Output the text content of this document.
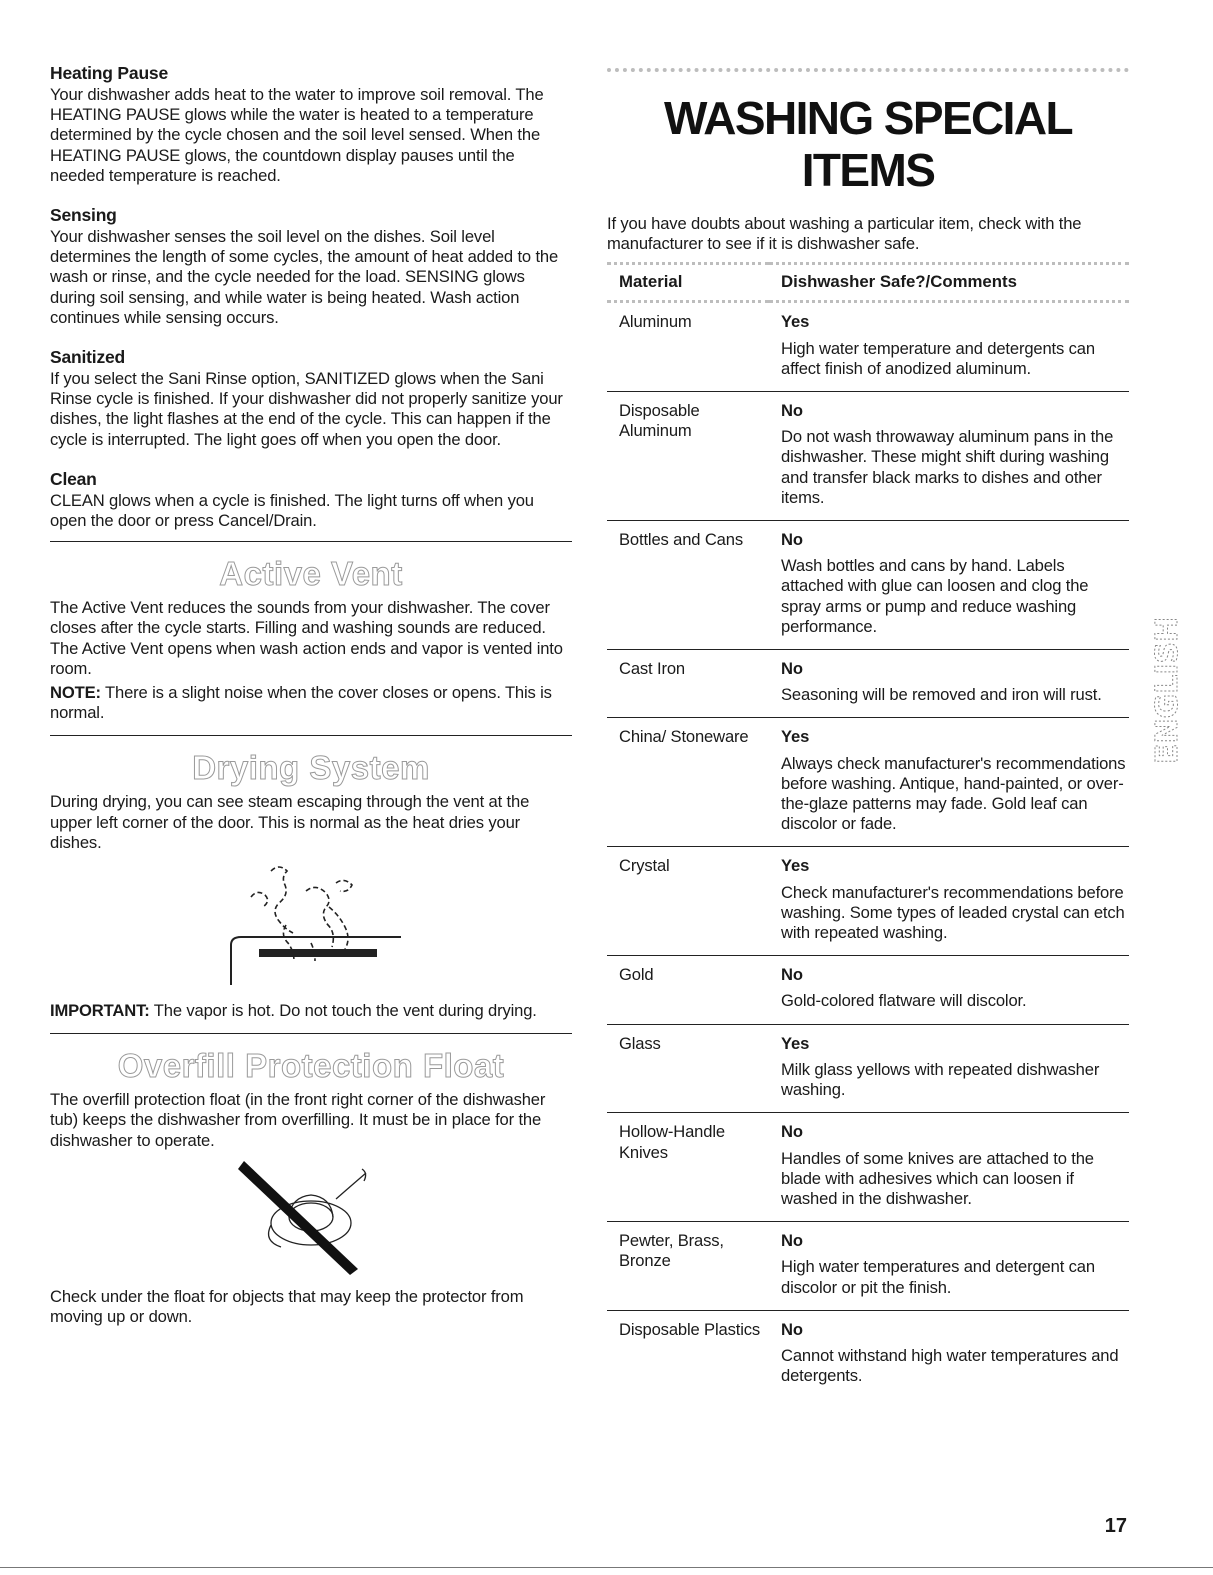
Heating Pause

Your dishwasher adds heat to the water to improve soil removal. The HEATING PAUSE glows while the water is heated to a temperature determined by the cycle chosen and the soil level sensed. When the HEATING PAUSE glows, the countdown display pauses until the needed temperature is reached.

Sensing

Your dishwasher senses the soil level on the dishes. Soil level determines the length of some cycles, the amount of heat added to the wash or rinse, and the cycle needed for the load. SENSING glows during soil sensing, and while water is being heated. Wash action continues while sensing occurs.

Sanitized

If you select the Sani Rinse option, SANITIZED glows when the Sani Rinse cycle is finished. If your dishwasher did not properly sanitize your dishes, the light flashes at the end of the cycle. This can happen if the cycle is interrupted. The light goes off when you open the door.

Clean

CLEAN glows when a cycle is finished. The light turns off when you open the door or press Cancel/Drain.

Active Vent

The Active Vent reduces the sounds from your dishwasher. The cover closes after the cycle starts. Filling and washing sounds are reduced. The Active Vent opens when wash action ends and vapor is vented into room.

NOTE: There is a slight noise when the cover closes or opens. This is normal.

Drying System

During drying, you can see steam escaping through the vent at the upper left corner of the door. This is normal as the heat dries your dishes.

IMPORTANT: The vapor is hot. Do not touch the vent during drying.

Overfill Protection Float

The overfill protection float (in the front right corner of the dishwasher tub) keeps the dishwasher from overfilling. It must be in place for the dishwasher to operate.

Check under the float for objects that may keep the protector from moving up or down.

WASHING SPECIAL
ITEMS

If you have doubts about washing a particular item, check with the manufacturer to see if it is dishwasher safe.

Material	Dishwasher Safe?/Comments
Aluminum	Yes
High water temperature and detergents can affect finish of anodized aluminum.
Disposable Aluminum	No
Do not wash throwaway aluminum pans in the dishwasher. These might shift during washing and transfer black marks to dishes and other items.
Bottles and Cans	No
Wash bottles and cans by hand. Labels attached with glue can loosen and clog the spray arms or pump and reduce washing performance.
Cast Iron	No
Seasoning will be removed and iron will rust.
China/ Stoneware	Yes
Always check manufacturer's recommendations before washing. Antique, hand-painted, or over-the-glaze patterns may fade. Gold leaf can discolor or fade.
Crystal	Yes
Check manufacturer's recommendations before washing. Some types of leaded crystal can etch with repeated washing.
Gold	No
Gold-colored flatware will discolor.
Glass	Yes
Milk glass yellows with repeated dishwasher washing.
Hollow-Handle Knives	No
Handles of some knives are attached to the blade with adhesives which can loosen if washed in the dishwasher.
Pewter, Brass, Bronze	No
High water temperatures and detergent can discolor or pit the finish.
Disposable Plastics	No
Cannot withstand high water temperatures and detergents.
ENGLISH
17
